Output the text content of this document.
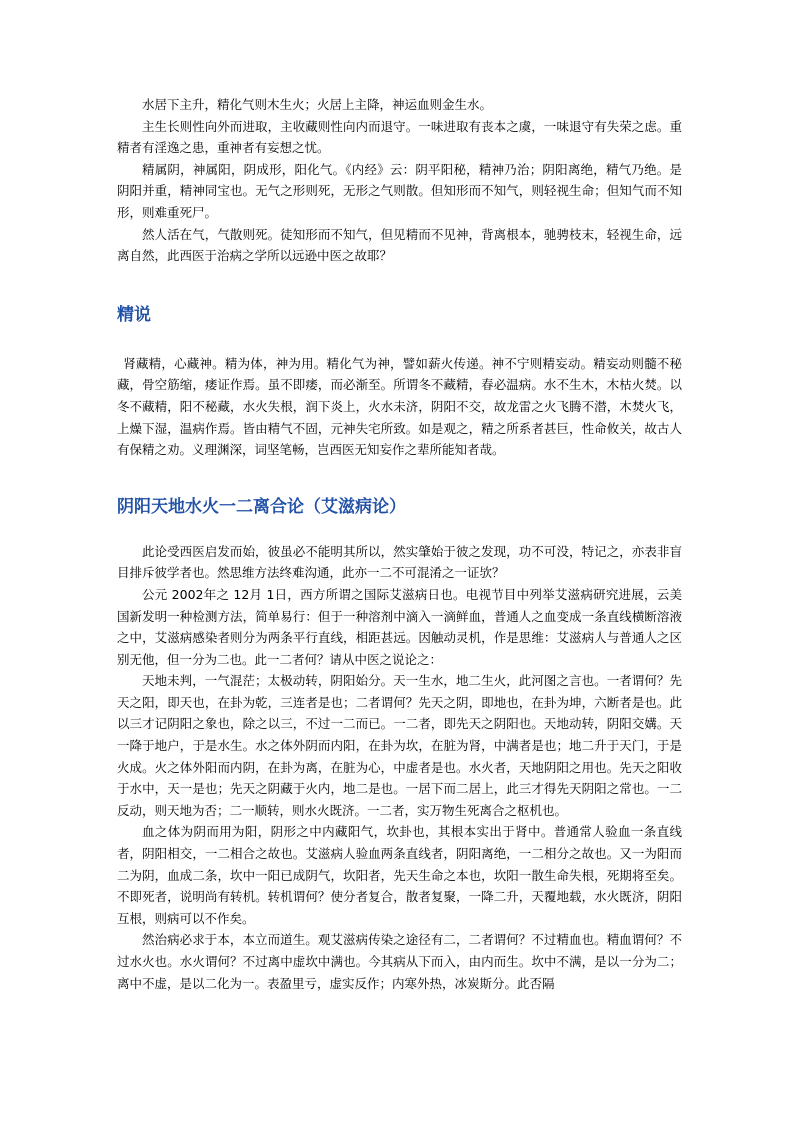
水居下主升，精化气则木生火；火居上主降，神运血则金生水。

主生长则性向外而进取，主收藏则性向内而退守。一味进取有丧本之虞，一味退守有失荣之虑。重精者有淫逸之患，重神者有妄想之忧。

精属阴，神属阳，阴成形，阳化气。《内经》云：阴平阳秘，精神乃治；阴阳离绝，精气乃绝。是阴阳并重，精神同宝也。无气之形则死，无形之气则散。但知形而不知气，则轻视生命；但知气而不知形，则难重死尸。

然人活在气，气散则死。徒知形而不知气，但见精而不见神，背离根本，驰骋枝末，轻视生命，远离自然，此西医于治病之学所以远逊中医之故耶？

精说

肾藏精，心藏神。精为体，神为用。精化气为神，譬如薪火传递。神不宁则精妄动。精妄动则髓不秘藏，骨空筋缩，痿证作焉。虽不即痿，而必渐至。所谓冬不藏精，春必温病。水不生木，木枯火焚。以冬不藏精，阳不秘藏，水火失根，润下炎上，火水未济，阴阳不交，故龙雷之火飞腾不潜，木焚火飞，上燥下湿，温病作焉。皆由精气不固，元神失宅所致。如是观之，精之所系者甚巨，性命攸关，故古人有保精之劝。义理渊深，词坚笔畅，岂西医无知妄作之辈所能知者哉。

阴阳天地水火一二离合论（艾滋病论）

此论受西医启发而始，彼虽必不能明其所以，然实肇始于彼之发现，功不可没，特记之，亦表非盲目排斥彼学者也。然思维方法终难沟通，此亦一二不可混淆之一证欤？

公元 2002年之 12月 1日，西方所谓之国际艾滋病日也。电视节目中列举艾滋病研究进展，云美国新发明一种检测方法，简单易行：但于一种溶剂中滴入一滴鲜血，普通人之血变成一条直线横断溶液之中，艾滋病感染者则分为两条平行直线，相距甚远。因触动灵机，作是思维：艾滋病人与普通人之区别无他，但一分为二也。此一二者何？请从中医之说论之：

天地未判，一气混茫；太极动转，阴阳始分。天一生水，地二生火，此河图之言也。一者谓何？先天之阳，即天也，在卦为乾，三连者是也；二者谓何？先天之阴，即地也，在卦为坤，六断者是也。此以三才记阴阳之象也，除之以三，不过一二而已。一二者，即先天之阴阳也。天地动转，阴阳交媾。天一降于地户，于是水生。水之体外阴而内阳，在卦为坎，在脏为肾，中满者是也；地二升于天门，于是火成。火之体外阳而内阴，在卦为离，在脏为心，中虚者是也。水火者，天地阴阳之用也。先天之阳收于水中，天一是也；先天之阴藏于火内，地二是也。一居下而二居上，此三才得先天阴阳之常也。一二反动，则天地为否；二一顺转，则水火既济。一二者，实万物生死离合之枢机也。

血之体为阴而用为阳，阴形之中内藏阳气，坎卦也，其根本实出于肾中。普通常人验血一条直线者，阴阳相交，一二相合之故也。艾滋病人验血两条直线者，阴阳离绝，一二相分之故也。又一为阳而二为阴，血成二条，坎中一阳已成阴气，坎阳者，先天生命之本也，坎阳一散生命失根，死期将至矣。不即死者，说明尚有转机。转机谓何？使分者复合，散者复聚，一降二升，天覆地载，水火既济，阴阳互根，则病可以不作矣。

然治病必求于本，本立而道生。观艾滋病传染之途径有二，二者谓何？不过精血也。精血谓何？不过水火也。水火谓何？不过离中虚坎中满也。今其病从下而入，由内而生。坎中不满，是以一分为二；离中不虚，是以二化为一。表盈里亏，虚实反作；内寒外热，冰炭斯分。此否隔
